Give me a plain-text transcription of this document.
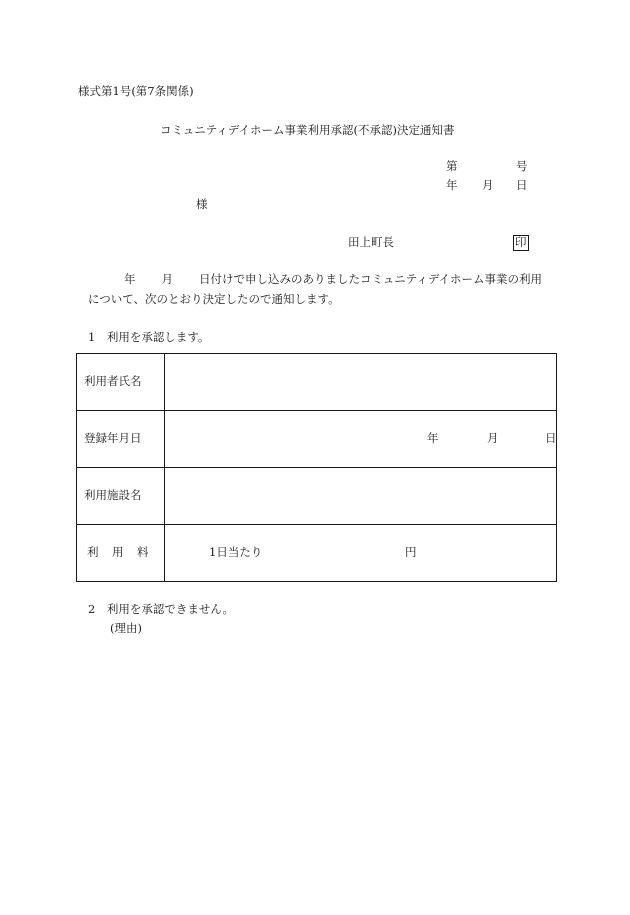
様式第1号(第7条関係)
コミュニティデイホーム事業利用承認(不承認)決定通知書
第	号
年 月 日
様
田上町長	印
年 月 日付けで申し込みのありましたコミュニティデイホーム事業の利用
について、次のとおり決定したので通知します。
1　利用を承認します。
利用者氏名	
登録年月日	年 月 日

利用施設名	

利 用 料	1日当たり 円
2　利用を承認できません。
(理由)
